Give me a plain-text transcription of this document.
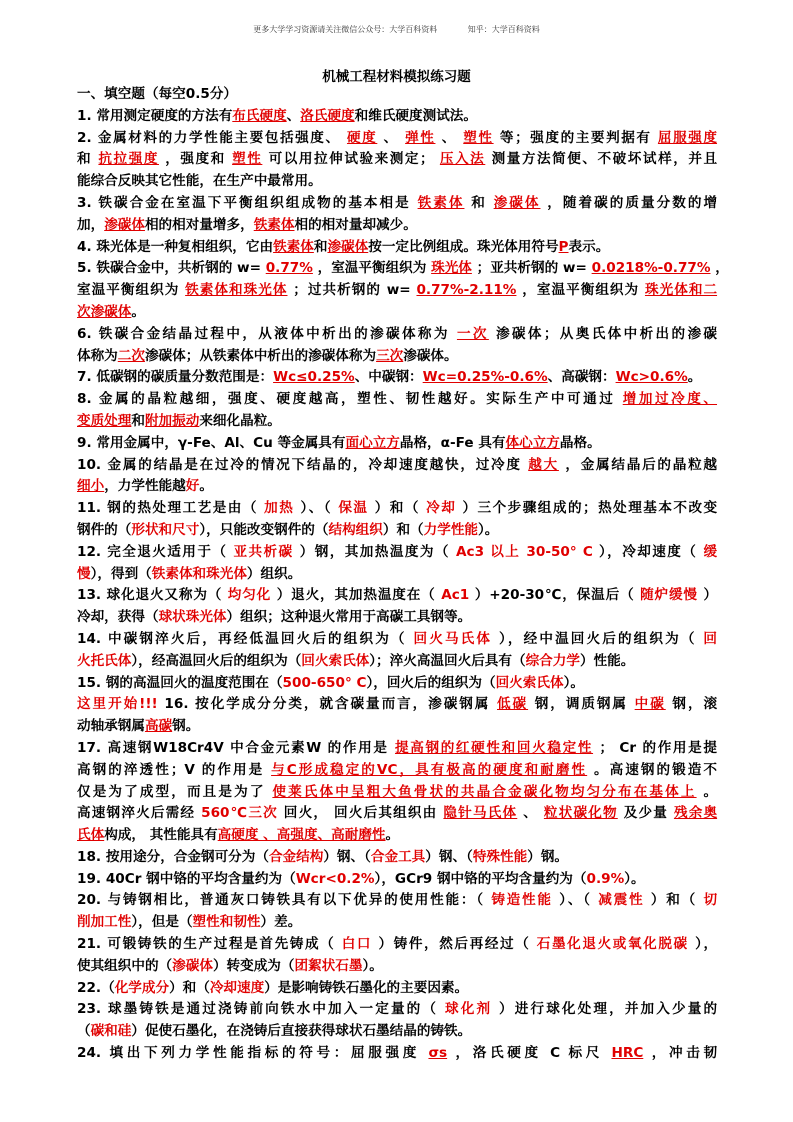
更多大学学习资源请关注微信公众号：大学百科资料	知乎：大学百科资料
机械工程材料模拟练习题
一、填空题（每空0.5分）
1. 常用测定硬度的方法有布氏硬度、洛氏硬度和维氏硬度测试法。
2. 金属材料的力学性能主要包括强度、 硬度 、 弹性 、 塑性 等；强度的主要判据有 屈服强度
和 抗拉强度 ，强度和 塑性 可以用拉伸试验来测定； 压入法 测量方法简便、不破坏试样，并且
能综合反映其它性能，在生产中最常用。
3. 铁碳合金在室温下平衡组织组成物的基本相是 铁素体 和 渗碳体 ，随着碳的质量分数的增
加，渗碳体相的相对量增多，铁素体相的相对量却减少。
4. 珠光体是一种复相组织，它由铁素体和渗碳体按一定比例组成。珠光体用符号P表示。
5. 铁碳合金中，共析钢的 w= 0.77% ，室温平衡组织为 珠光体 ；亚共析钢的 w= 0.0218%-0.77% ，
室温平衡组织为 铁素体和珠光体 ；过共析钢的 w= 0.77%-2.11% ，室温平衡组织为 珠光体和二
次渗碳体。
6. 铁碳合金结晶过程中，从液体中析出的渗碳体称为 一次 渗碳体；从奥氏体中析出的渗碳
体称为二次渗碳体；从铁素体中析出的渗碳体称为三次渗碳体。
7. 低碳钢的碳质量分数范围是：Wc≤0.25%、中碳钢：Wc=0.25%-0.6%、高碳钢：Wc>0.6%。
8. 金属的晶粒越细，强度、硬度越高，塑性、韧性越好。实际生产中可通过 增加过冷度、
变质处理和附加振动来细化晶粒。
9. 常用金属中，γ-Fe、Al、Cu 等金属具有面心立方晶格，α-Fe 具有体心立方晶格。
10. 金属的结晶是在过冷的情况下结晶的，冷却速度越快，过冷度 越大 ，金属结晶后的晶粒越
细小，力学性能越好。
11. 钢的热处理工艺是由（ 加热 ）、（ 保温 ）和（ 冷却 ）三个步骤组成的；热处理基本不改变
钢件的（形状和尺寸），只能改变钢件的（结构组织）和（力学性能）。
12. 完全退火适用于（ 亚共析碳 ）钢，其加热温度为（ Ac3 以上 30-50° C ），冷却速度（ 缓
慢），得到（铁素体和珠光体）组织。
13. 球化退火又称为（ 均匀化 ）退火，其加热温度在（ Ac1 ）+20-30℃，保温后（ 随炉缓慢 ）
冷却，获得（球状珠光体）组织；这种退火常用于高碳工具钢等。
14. 中碳钢淬火后，再经低温回火后的组织为（ 回火马氏体 ），经中温回火后的组织为（ 回
火托氏体），经高温回火后的组织为（回火索氏体）；淬火高温回火后具有（综合力学）性能。
15. 钢的高温回火的温度范围在（500-650° C），回火后的组织为（回火索氏体）。
这里开始!!! 16. 按化学成分分类，就含碳量而言，渗碳钢属 低碳 钢，调质钢属 中碳 钢，滚
动轴承钢属高碳钢。
17. 高速钢W18Cr4V 中合金元素W 的作用是 提高钢的红硬性和回火稳定性 ； Cr 的作用是提
高钢的淬透性；V 的作用是 与C形成稳定的VC，具有极高的硬度和耐磨性 。高速钢的锻造不
仅是为了成型，而且是为了 使莱氏体中呈粗大鱼骨状的共晶合金碳化物均匀分布在基体上 。
高速钢淬火后需经 560℃三次 回火， 回火后其组织由 隐针马氏体 、 粒状碳化物 及少量 残余奥
氏体构成， 其性能具有高硬度 、高强度、高耐磨性。
18. 按用途分，合金钢可分为（合金结构）钢、（合金工具）钢、（特殊性能）钢。
19. 40Cr 钢中铬的平均含量约为（Wcr<0.2%），GCr9 钢中铬的平均含量约为（0.9%）。
20. 与铸钢相比，普通灰口铸铁具有以下优异的使用性能：（ 铸造性能 ）、（ 减震性 ）和（ 切
削加工性），但是（塑性和韧性）差。
21. 可锻铸铁的生产过程是首先铸成（ 白口 ）铸件，然后再经过（ 石墨化退火或氧化脱碳 ），
使其组织中的（渗碳体）转变成为（团絮状石墨）。
22.（化学成分）和（冷却速度）是影响铸铁石墨化的主要因素。
23. 球墨铸铁是通过浇铸前向铁水中加入一定量的（ 球化剂 ）进行球化处理，并加入少量的
（碳和硅）促使石墨化，在浇铸后直接获得球状石墨结晶的铸铁。
24. 填出下列力学性能指标的符号：屈服强度 σs ，洛氏硬度 C 标尺 HRC ，冲击韧
